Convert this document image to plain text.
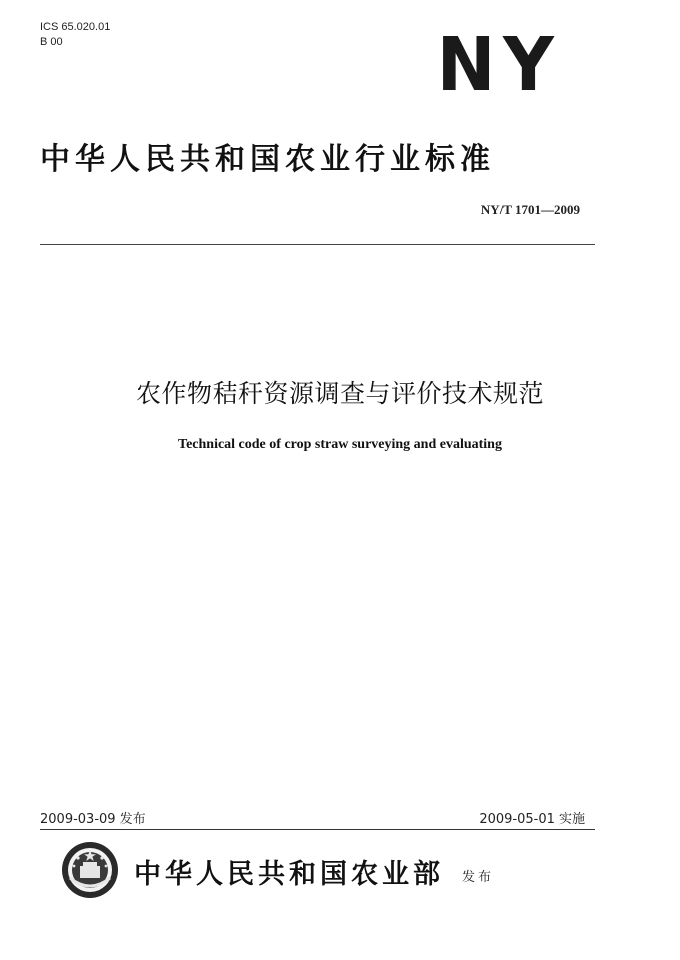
ICS 65.020.01
B 00	NY
中华人民共和国农业行业标准
NY/T 1701—2009
农作物秸秆资源调查与评价技术规范
Technical code of crop straw surveying and evaluating
2009-03-09 发布	2009-05-01 实施
中华人民共和国农业部 发布
